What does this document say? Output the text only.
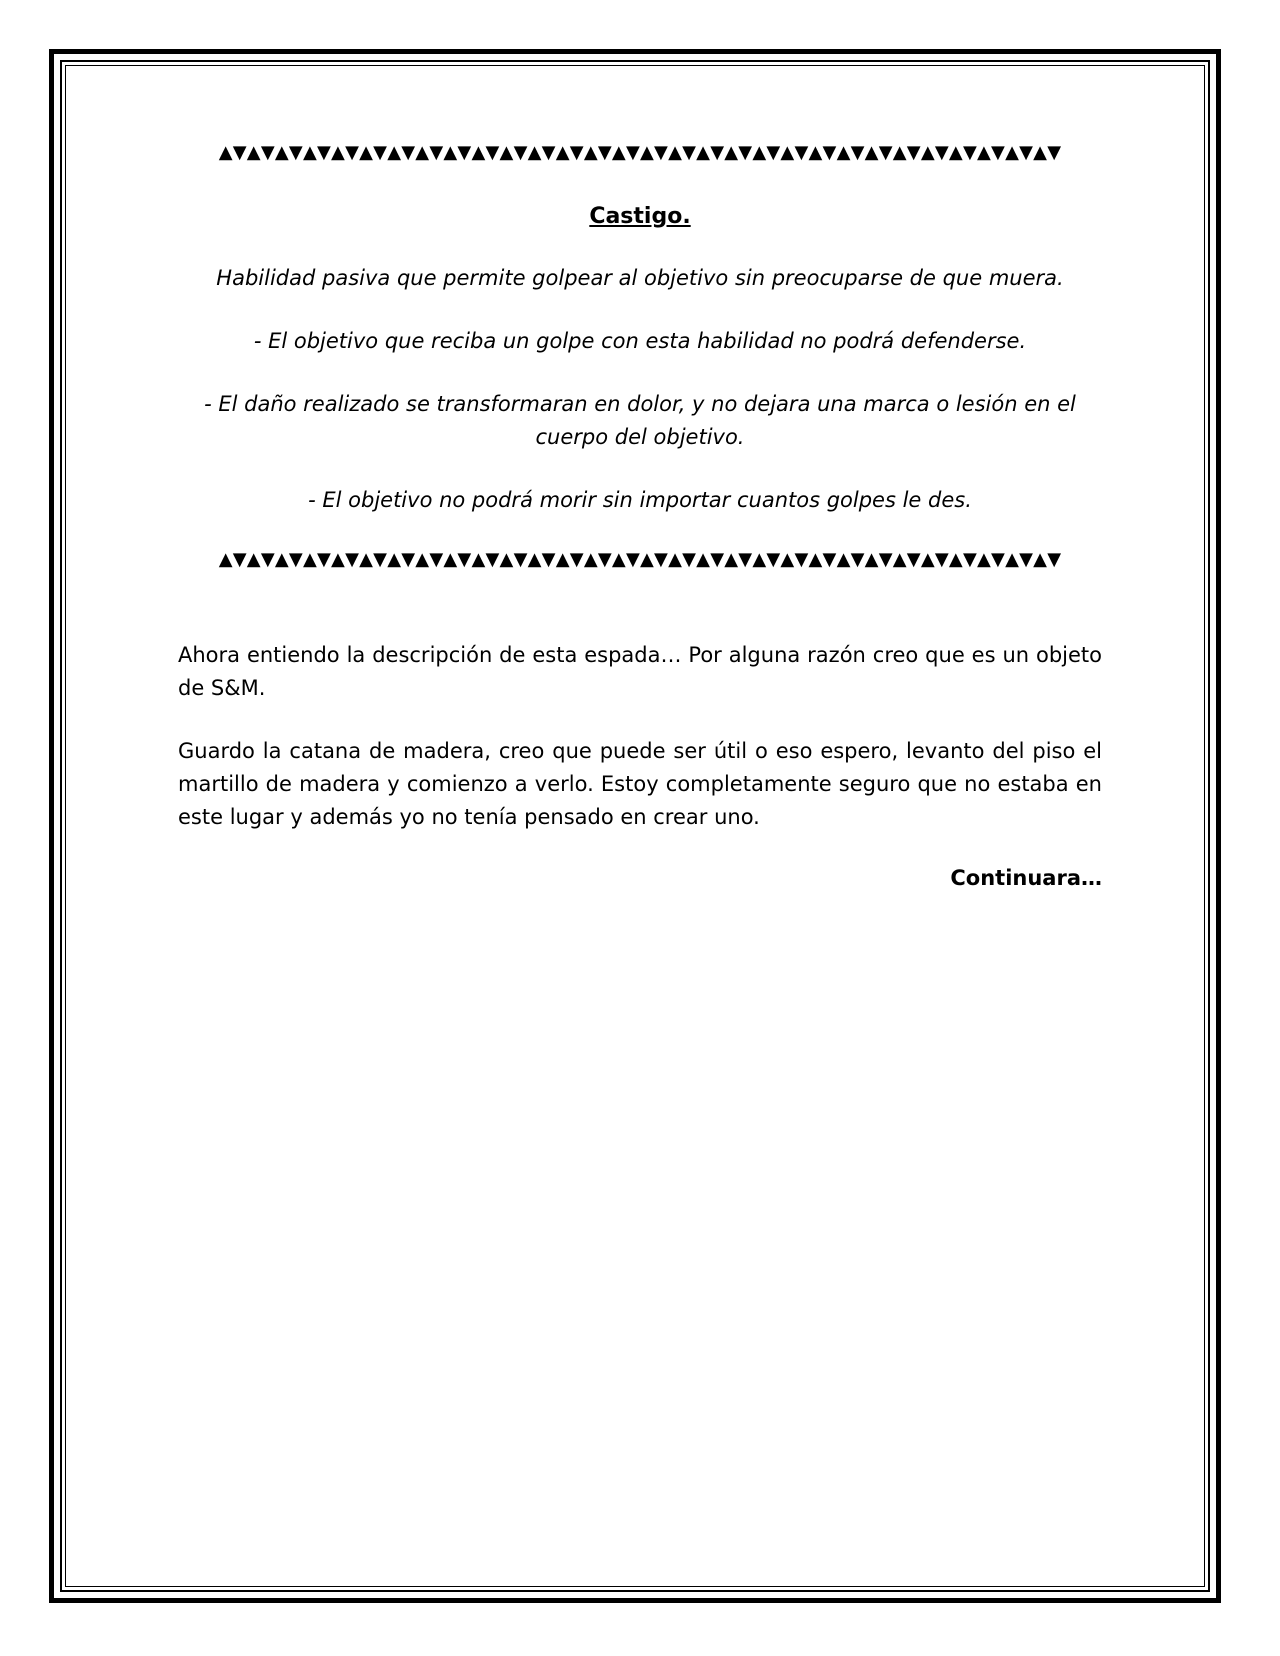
▲▼▲▼▲▼▲▼▲▼▲▼▲▼▲▼▲▼▲▼▲▼▲▼▲▼▲▼▲▼▲▼▲▼▲▼▲▼▲▼▲▼▲▼▲▼▲▼▲▼▲▼▲▼▲▼▲▼▲▼
Castigo.
Habilidad pasiva que permite golpear al objetivo sin preocuparse de que muera.
- El objetivo que reciba un golpe con esta habilidad no podrá defenderse.
- El daño realizado se transformaran en dolor, y no dejara una marca o lesión en el cuerpo del objetivo.
- El objetivo no podrá morir sin importar cuantos golpes le des.
▲▼▲▼▲▼▲▼▲▼▲▼▲▼▲▼▲▼▲▼▲▼▲▼▲▼▲▼▲▼▲▼▲▼▲▼▲▼▲▼▲▼▲▼▲▼▲▼▲▼▲▼▲▼▲▼▲▼▲▼

Ahora entiendo la descripción de esta espada… Por alguna razón creo que es un objeto de S&M.

Guardo la catana de madera, creo que puede ser útil o eso espero, levanto del piso el martillo de madera y comienzo a verlo. Estoy completamente seguro que no estaba en este lugar y además yo no tenía pensado en crear uno.

Continuara…
